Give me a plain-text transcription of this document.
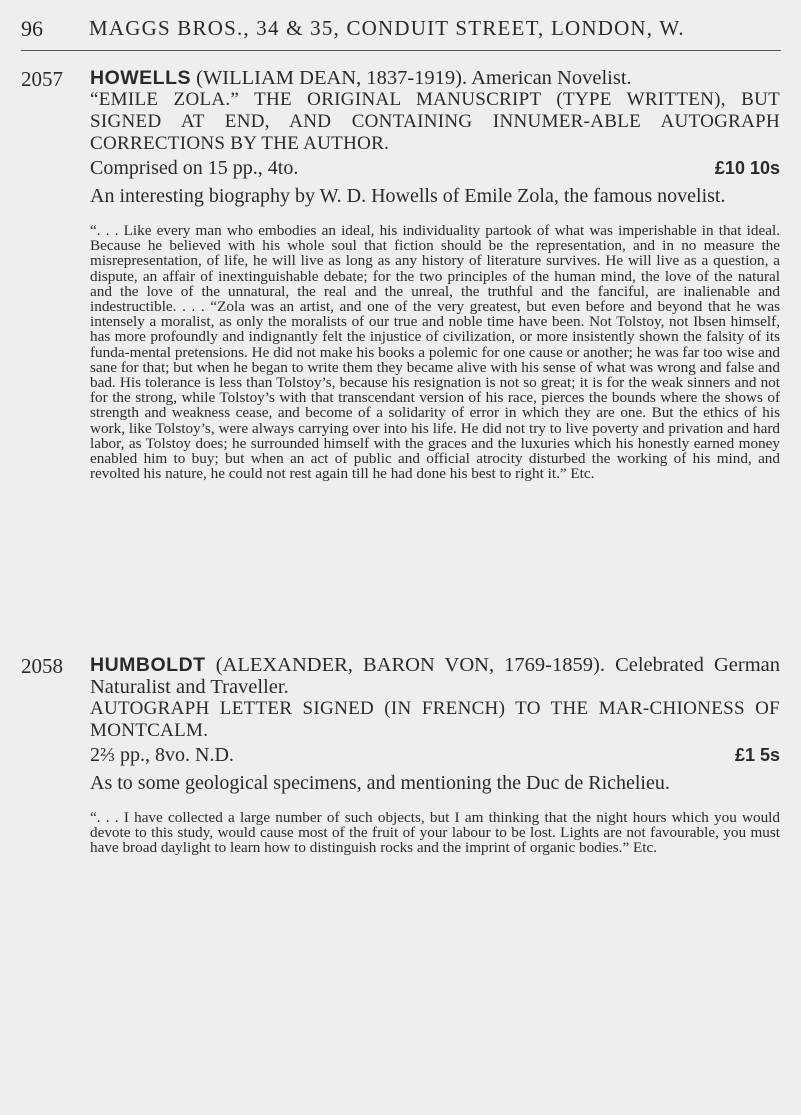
96 MAGGS BROS., 34 & 35, CONDUIT STREET, LONDON, W.
2057	HOWELLS (WILLIAM DEAN, 1837-1919). American Novelist.
“EMILE ZOLA.” THE ORIGINAL MANUSCRIPT (TYPE WRITTEN), BUT SIGNED AT END, AND CONTAINING INNUMER-ABLE AUTOGRAPH CORRECTIONS BY THE AUTHOR.
Comprised on 15 pp., 4to.	£10 10s
An interesting biography by W. D. Howells of Emile Zola, the famous novelist.
“. . . Like every man who embodies an ideal, his individuality partook of what was imperishable in that ideal. Because he believed with his whole soul that fiction should be the representation, and in no measure the misrepresentation, of life, he will live as long as any history of literature survives. He will live as a question, a dispute, an affair of inextinguishable debate; for the two principles of the human mind, the love of the natural and the love of the unnatural, the real and the unreal, the truthful and the fanciful, are inalienable and indestructible. . . . “Zola was an artist, and one of the very greatest, but even before and beyond that he was intensely a moralist, as only the moralists of our true and noble time have been. Not Tolstoy, not Ibsen himself, has more profoundly and indignantly felt the injustice of civilization, or more insistently shown the falsity of its funda-mental pretensions. He did not make his books a polemic for one cause or another; he was far too wise and sane for that; but when he began to write them they became alive with his sense of what was wrong and false and bad. His tolerance is less than Tolstoy’s, because his resignation is not so great; it is for the weak sinners and not for the strong, while Tolstoy’s with that transcendant version of his race, pierces the bounds where the shows of strength and weakness cease, and become of a solidarity of error in which they are one. But the ethics of his work, like Tolstoy’s, were always carrying over into his life. He did not try to live poverty and privation and hard labor, as Tolstoy does; he surrounded himself with the graces and the luxuries which his honestly earned money enabled him to buy; but when an act of public and official atrocity disturbed the working of his mind, and revolted his nature, he could not rest again till he had done his best to right it.” Etc.
2058	HUMBOLDT (ALEXANDER, BARON VON, 1769-1859). Celebrated German Naturalist and Traveller.
AUTOGRAPH LETTER SIGNED (IN FRENCH) TO THE MAR-CHIONESS OF MONTCALM.
2⅔ pp., 8vo. N.D.	£1 5s
As to some geological specimens, and mentioning the Duc de Richelieu.
“. . . I have collected a large number of such objects, but I am thinking that the night hours which you would devote to this study, would cause most of the fruit of your labour to be lost. Lights are not favourable, you must have broad daylight to learn how to distinguish rocks and the imprint of organic bodies.” Etc.
